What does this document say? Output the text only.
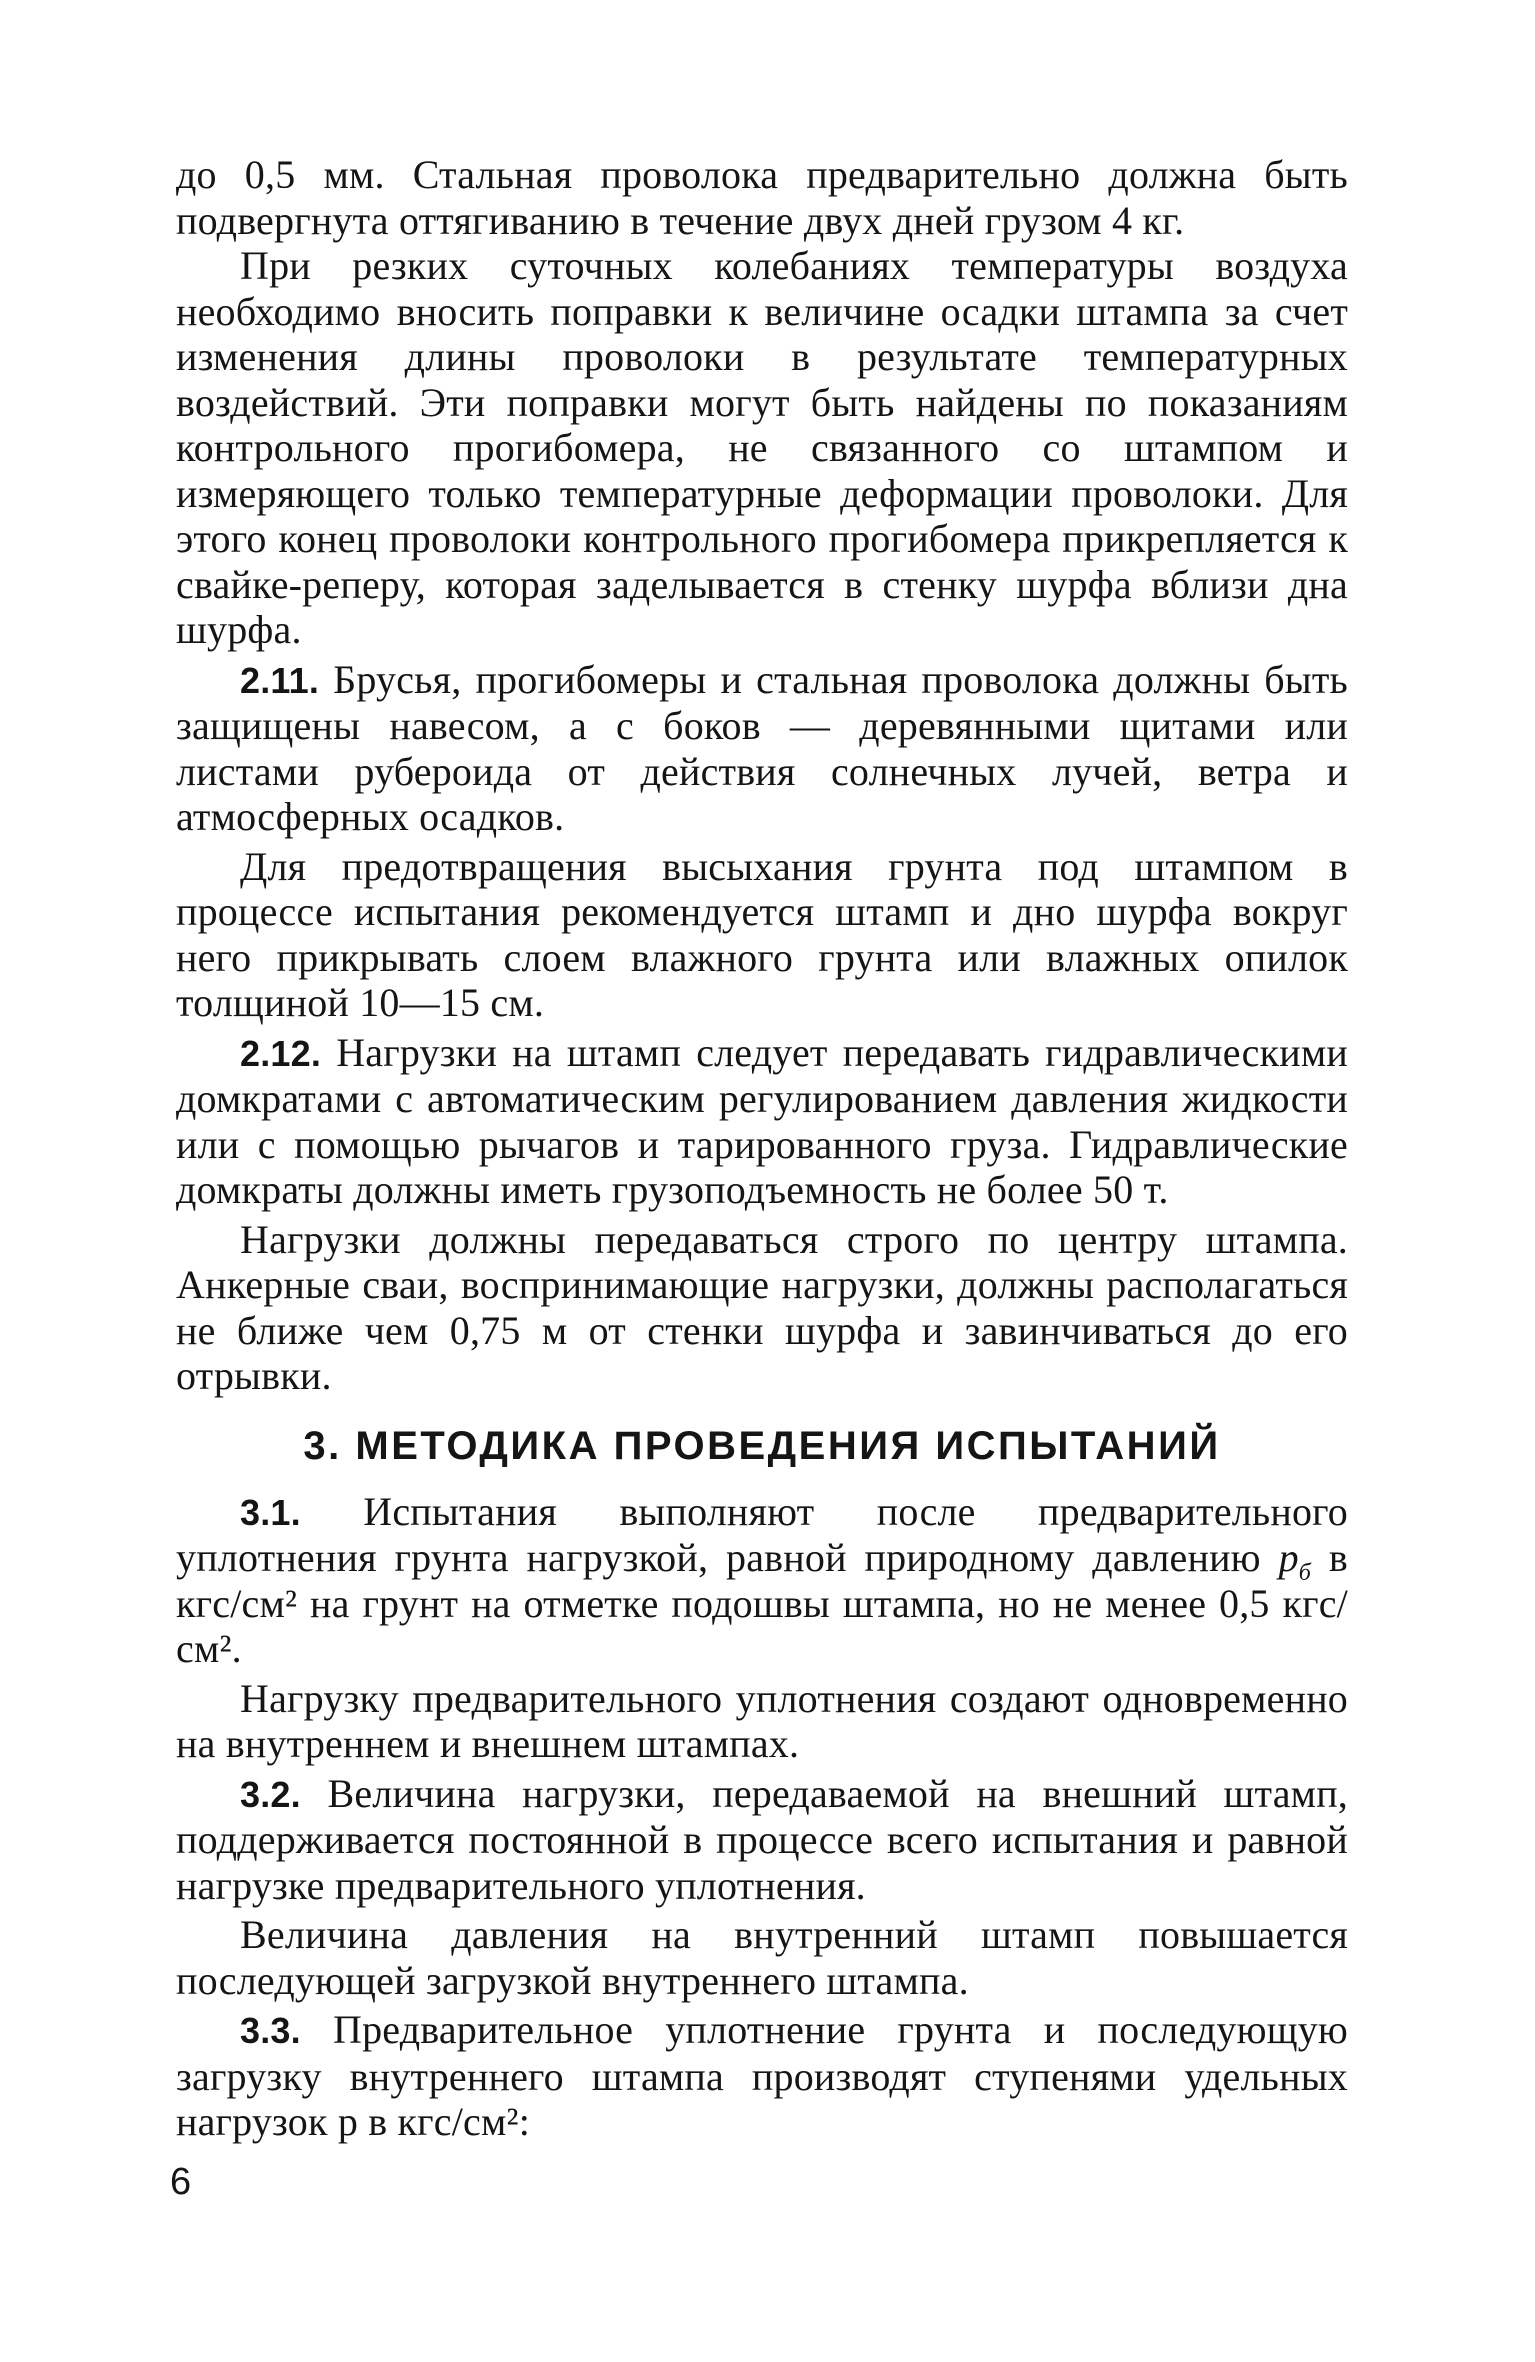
до 0,5 мм. Стальная проволока предварительно должна быть подвергнута оттягиванию в течение двух дней грузом 4 кг.

При резких суточных колебаниях температуры воздуха необходимо вносить поправки к величине осадки штампа за счет изменения длины проволоки в результате температурных воздействий. Эти поправки могут быть найдены по показаниям контрольного прогибомера, не связанного со штампом и измеряющего только температурные деформации проволоки. Для этого конец проволоки контрольного прогибомера прикрепляется к свайке-реперу, которая заделывается в стенку шурфа вблизи дна шурфа.

2.11. Брусья, прогибомеры и стальная проволока должны быть защищены навесом, а с боков — деревянными щитами или листами рубероида от действия солнечных лучей, ветра и атмосферных осадков.

Для предотвращения высыхания грунта под штампом в процессе испытания рекомендуется штамп и дно шурфа вокруг него прикрывать слоем влажного грунта или влажных опилок толщиной 10—15 см.

2.12. Нагрузки на штамп следует передавать гидравлическими домкратами с автоматическим регулированием давления жидкости или с помощью рычагов и тарированного груза. Гидравлические домкраты должны иметь грузоподъемность не более 50 т.

Нагрузки должны передаваться строго по центру штампа. Анкерные сваи, воспринимающие нагрузки, должны располагаться не ближе чем 0,75 м от стенки шурфа и завинчиваться до его отрывки.

3. МЕТОДИКА ПРОВЕДЕНИЯ ИСПЫТАНИЙ

3.1. Испытания выполняют после предварительного уплотнения грунта нагрузкой, равной природному давлению $p_б$ в кгс/см² на грунт на отметке подошвы штампа, но не менее 0,5 кгс/см².

Нагрузку предварительного уплотнения создают одновременно на внутреннем и внешнем штампах.

3.2. Величина нагрузки, передаваемой на внешний штамп, поддерживается постоянной в процессе всего испытания и равной нагрузке предварительного уплотнения.

Величина давления на внутренний штамп повышается последующей загрузкой внутреннего штампа.

3.3. Предварительное уплотнение грунта и последующую загрузку внутреннего штампа производят ступенями удельных нагрузок p в кгс/см²:

6
